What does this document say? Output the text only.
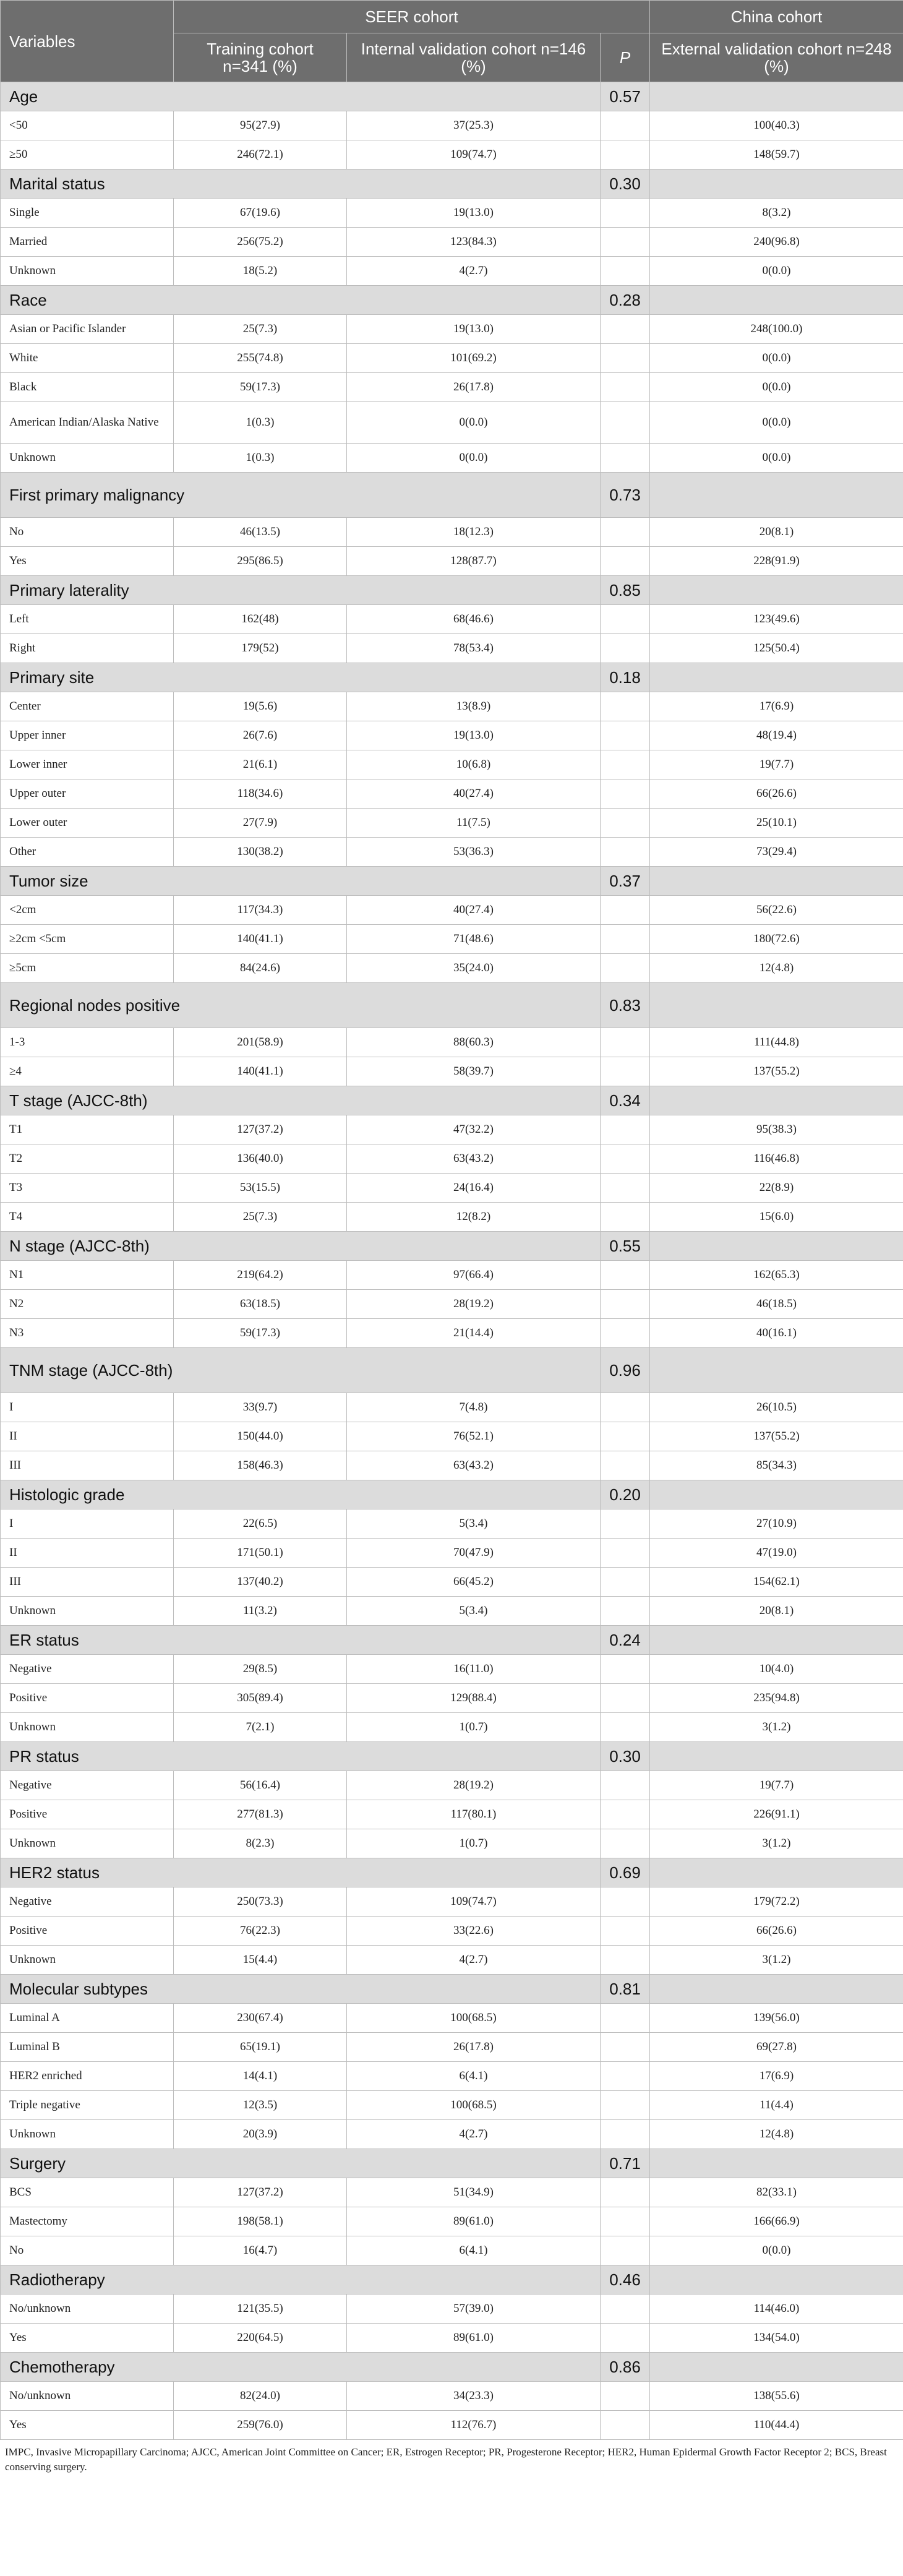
Variables	SEER cohort			China cohort
	Training cohort n=341 (%)	Internal validation cohort n=146 (%)	P	External validation cohort n=248 (%)
Age			0.57	
<50	95(27.9)	37(25.3)		100(40.3)
≥50	246(72.1)	109(74.7)		148(59.7)
Marital status			0.30	
Single	67(19.6)	19(13.0)		8(3.2)
Married	256(75.2)	123(84.3)		240(96.8)
Unknown	18(5.2)	4(2.7)		0(0.0)
Race			0.28	
Asian or Pacific Islander	25(7.3)	19(13.0)		248(100.0)
White	255(74.8)	101(69.2)		0(0.0)
Black	59(17.3)	26(17.8)		0(0.0)
American Indian/Alaska Native	1(0.3)	0(0.0)		0(0.0)
Unknown	1(0.3)	0(0.0)		0(0.0)
First primary malignancy			0.73	
No	46(13.5)	18(12.3)		20(8.1)
Yes	295(86.5)	128(87.7)		228(91.9)
Primary laterality			0.85	
Left	162(48)	68(46.6)		123(49.6)
Right	179(52)	78(53.4)		125(50.4)
Primary site			0.18	
Center	19(5.6)	13(8.9)		17(6.9)
Upper inner	26(7.6)	19(13.0)		48(19.4)
Lower inner	21(6.1)	10(6.8)		19(7.7)
Upper outer	118(34.6)	40(27.4)		66(26.6)
Lower outer	27(7.9)	11(7.5)		25(10.1)
Other	130(38.2)	53(36.3)		73(29.4)
Tumor size			0.37	
<2cm	117(34.3)	40(27.4)		56(22.6)
≥2cm <5cm	140(41.1)	71(48.6)		180(72.6)
≥5cm	84(24.6)	35(24.0)		12(4.8)
Regional nodes positive			0.83	
1-3	201(58.9)	88(60.3)		111(44.8)
≥4	140(41.1)	58(39.7)		137(55.2)
T stage (AJCC-8th)			0.34	
T1	127(37.2)	47(32.2)		95(38.3)
T2	136(40.0)	63(43.2)		116(46.8)
T3	53(15.5)	24(16.4)		22(8.9)
T4	25(7.3)	12(8.2)		15(6.0)
N stage (AJCC-8th)			0.55	
N1	219(64.2)	97(66.4)		162(65.3)
N2	63(18.5)	28(19.2)		46(18.5)
N3	59(17.3)	21(14.4)		40(16.1)
TNM stage (AJCC-8th)			0.96	
I	33(9.7)	7(4.8)		26(10.5)
II	150(44.0)	76(52.1)		137(55.2)
III	158(46.3)	63(43.2)		85(34.3)
Histologic grade			0.20	
I	22(6.5)	5(3.4)		27(10.9)
II	171(50.1)	70(47.9)		47(19.0)
III	137(40.2)	66(45.2)		154(62.1)
Unknown	11(3.2)	5(3.4)		20(8.1)
ER status			0.24	
Negative	29(8.5)	16(11.0)		10(4.0)
Positive	305(89.4)	129(88.4)		235(94.8)
Unknown	7(2.1)	1(0.7)		3(1.2)
PR status			0.30	
Negative	56(16.4)	28(19.2)		19(7.7)
Positive	277(81.3)	117(80.1)		226(91.1)
Unknown	8(2.3)	1(0.7)		3(1.2)
HER2 status			0.69	
Negative	250(73.3)	109(74.7)		179(72.2)
Positive	76(22.3)	33(22.6)		66(26.6)
Unknown	15(4.4)	4(2.7)		3(1.2)
Molecular subtypes			0.81	
Luminal A	230(67.4)	100(68.5)		139(56.0)
Luminal B	65(19.1)	26(17.8)		69(27.8)
HER2 enriched	14(4.1)	6(4.1)		17(6.9)
Triple negative	12(3.5)	100(68.5)		11(4.4)
Unknown	20(3.9)	4(2.7)		12(4.8)
Surgery			0.71	
BCS	127(37.2)	51(34.9)		82(33.1)
Mastectomy	198(58.1)	89(61.0)		166(66.9)
No	16(4.7)	6(4.1)		0(0.0)
Radiotherapy			0.46	
No/unknown	121(35.5)	57(39.0)		114(46.0)
Yes	220(64.5)	89(61.0)		134(54.0)
Chemotherapy			0.86	
No/unknown	82(24.0)	34(23.3)		138(55.6)
Yes	259(76.0)	112(76.7)		110(44.4)
IMPC, Invasive Micropapillary Carcinoma; AJCC, American Joint Committee on Cancer; ER, Estrogen Receptor; PR, Progesterone Receptor; HER2, Human Epidermal Growth Factor Receptor 2; BCS, Breast conserving surgery.
